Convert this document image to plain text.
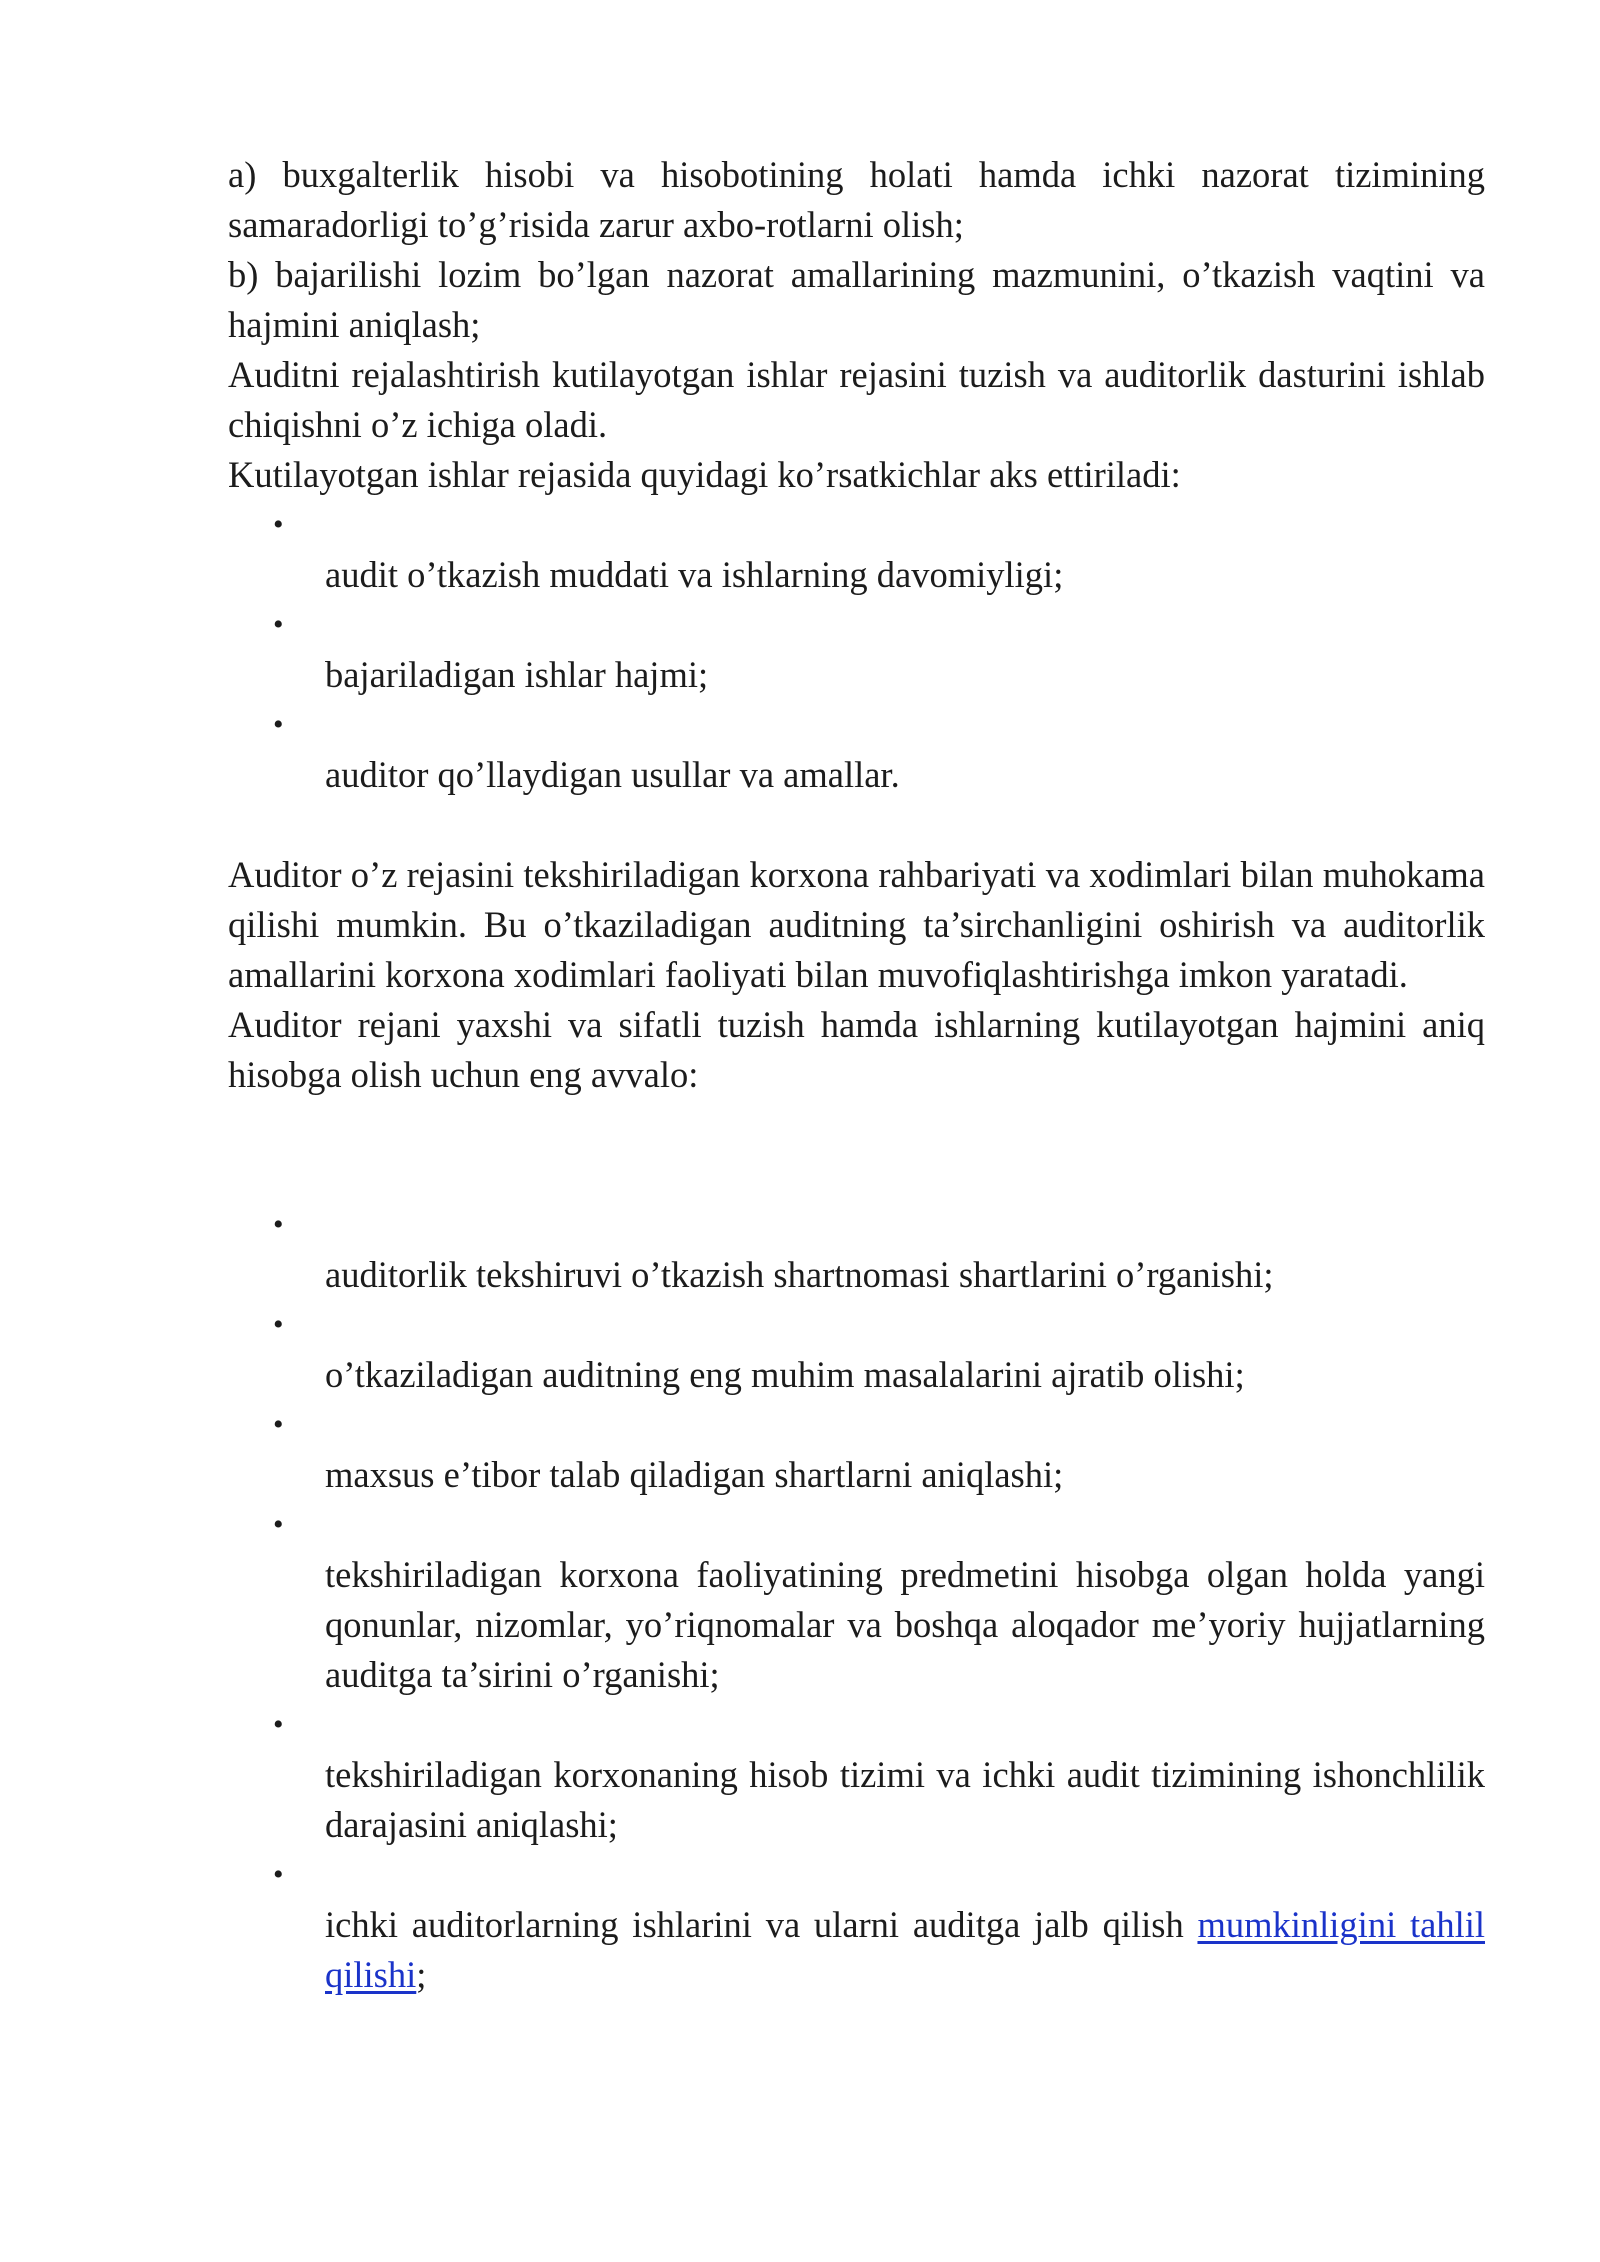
a) buxgalterlik hisobi va hisobotining holati hamda ichki nazorat tizimining samaradorligi to’g’risida zarur axbo-rotlarni olish;

b) bajarilishi lozim bo’lgan nazorat amallarining mazmunini, o’tkazish vaqtini va hajmini aniqlash;

Auditni rejalashtirish kutilayotgan ishlar rejasini tuzish va auditorlik dasturini ishlab chiqishni o’z ichiga oladi.

Kutilayotgan ishlar rejasida quyidagi ko’rsatkichlar aks ettiriladi:

•
audit o’tkazish muddati va ishlarning davomiyligi;
•
bajariladigan ishlar hajmi;
•
auditor qo’llaydigan usullar va amallar.

Auditor o’z rejasini tekshiriladigan korxona rahbariyati va xodimlari bilan muhokama qilishi mumkin. Bu o’tkaziladigan auditning ta’sirchanligini oshirish va auditorlik amallarini korxona xodimlari faoliyati bilan muvofiqlashtirishga imkon yaratadi.

Auditor rejani yaxshi va sifatli tuzish hamda ishlarning kutilayotgan hajmini aniq hisobga olish uchun eng avvalo:

•
auditorlik tekshiruvi o’tkazish shartnomasi shartlarini o’rganishi;
•
o’tkaziladigan auditning eng muhim masalalarini ajratib olishi;
•
maxsus e’tibor talab qiladigan shartlarni aniqlashi;
•
tekshiriladigan korxona faoliyatining predmetini hisobga olgan holda yangi qonunlar, nizomlar, yo’riqnomalar va boshqa aloqador me’yoriy hujjatlarning auditga ta’sirini o’rganishi;
•
tekshiriladigan korxonaning hisob tizimi va ichki audit tizimining ishonchlilik darajasini aniqlashi;
•
ichki auditorlarning ishlarini va ularni auditga jalb qilish mumkinligini tahlil qilishi;
